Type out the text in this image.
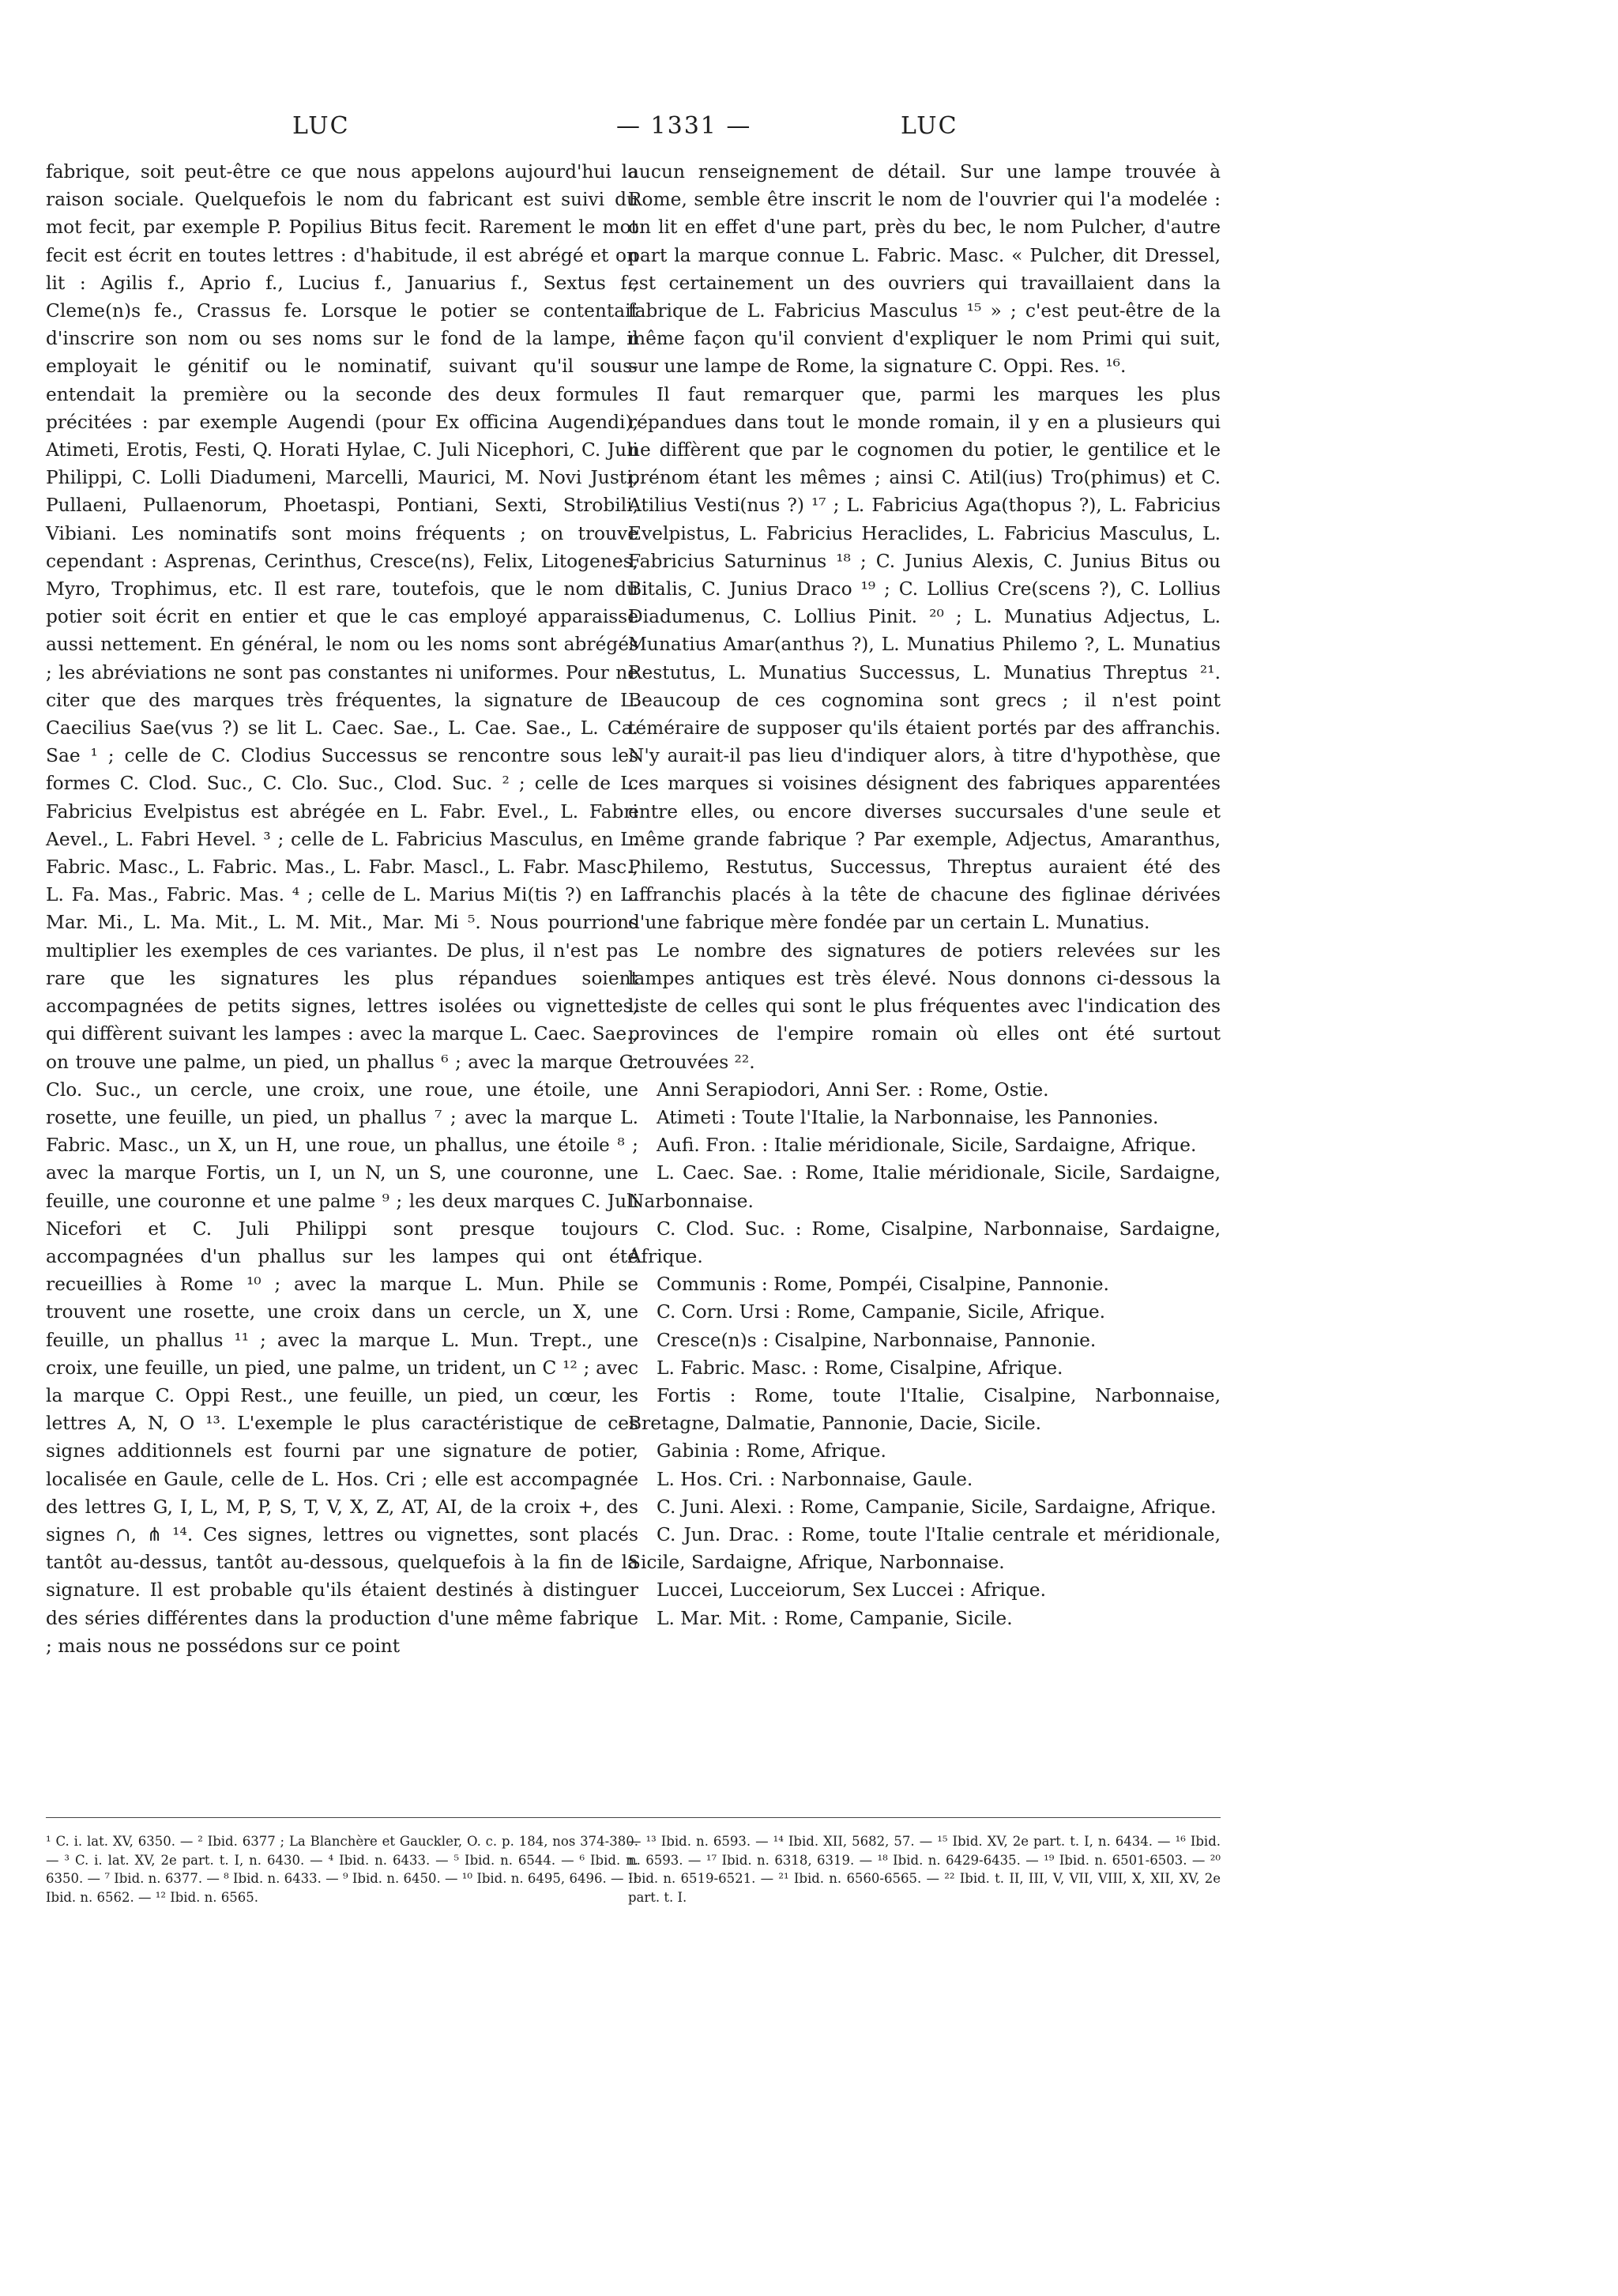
LUC	— 1331 —	LUC

fabrique, soit peut-être ce que nous appelons aujourd'hui la raison sociale. Quelquefois le nom du fabricant est suivi du mot fecit, par exemple P. Popilius Bitus fecit. Rarement le mot fecit est écrit en toutes lettres : d'habitude, il est abrégé et on lit : Agilis f., Aprio f., Lucius f., Januarius f., Sextus f., Cleme(n)s fe., Crassus fe. Lorsque le potier se contentait d'inscrire son nom ou ses noms sur le fond de la lampe, il employait le génitif ou le nominatif, suivant qu'il sous-entendait la première ou la seconde des deux formules précitées : par exemple Augendi (pour Ex officina Augendi), Atimeti, Erotis, Festi, Q. Horati Hylae, C. Juli Nicephori, C. Juli Philippi, C. Lolli Diadumeni, Marcelli, Maurici, M. Novi Justi, Pullaeni, Pullaenorum, Phoetaspi, Pontiani, Sexti, Strobili, Vibiani. Les nominatifs sont moins fréquents ; on trouve cependant : Asprenas, Cerinthus, Cresce(ns), Felix, Litogenes, Myro, Trophimus, etc. Il est rare, toutefois, que le nom du potier soit écrit en entier et que le cas employé apparaisse aussi nettement. En général, le nom ou les noms sont abrégés ; les abréviations ne sont pas constantes ni uniformes. Pour ne citer que des marques très fréquentes, la signature de L. Caecilius Sae(vus ?) se lit L. Caec. Sae., L. Cae. Sae., L. Ca. Sae ¹ ; celle de C. Clodius Successus se rencontre sous les formes C. Clod. Suc., C. Clo. Suc., Clod. Suc. ² ; celle de L. Fabricius Evelpistus est abrégée en L. Fabr. Evel., L. Fabri Aevel., L. Fabri Hevel. ³ ; celle de L. Fabricius Masculus, en L. Fabric. Masc., L. Fabric. Mas., L. Fabr. Mascl., L. Fabr. Masc., L. Fa. Mas., Fabric. Mas. ⁴ ; celle de L. Marius Mi(tis ?) en L. Mar. Mi., L. Ma. Mit., L. M. Mit., Mar. Mi ⁵. Nous pourrions multiplier les exemples de ces variantes. De plus, il n'est pas rare que les signatures les plus répandues soient accompagnées de petits signes, lettres isolées ou vignettes, qui diffèrent suivant les lampes : avec la marque L. Caec. Sae., on trouve une palme, un pied, un phallus ⁶ ; avec la marque C. Clo. Suc., un cercle, une croix, une roue, une étoile, une rosette, une feuille, un pied, un phallus ⁷ ; avec la marque L. Fabric. Masc., un X, un H, une roue, un phallus, une étoile ⁸ ; avec la marque Fortis, un I, un N, un S, une couronne, une feuille, une couronne et une palme ⁹ ; les deux marques C. Juli Nicefori et C. Juli Philippi sont presque toujours accompagnées d'un phallus sur les lampes qui ont été recueillies à Rome ¹⁰ ; avec la marque L. Mun. Phile se trouvent une rosette, une croix dans un cercle, un X, une feuille, un phallus ¹¹ ; avec la marque L. Mun. Trept., une croix, une feuille, un pied, une palme, un trident, un C ¹² ; avec la marque C. Oppi Rest., une feuille, un pied, un cœur, les lettres A, N, O ¹³. L'exemple le plus caractéristique de ces signes additionnels est fourni par une signature de potier, localisée en Gaule, celle de L. Hos. Cri ; elle est accompagnée des lettres G, I, L, M, P, S, T, V, X, Z, AT, AI, de la croix +, des signes ∩, ⋔ ¹⁴. Ces signes, lettres ou vignettes, sont placés tantôt au-dessus, tantôt au-dessous, quelquefois à la fin de la signature. Il est probable qu'ils étaient destinés à distinguer des séries différentes dans la production d'une même fabrique ; mais nous ne possédons sur ce point

aucun renseignement de détail. Sur une lampe trouvée à Rome, semble être inscrit le nom de l'ouvrier qui l'a modelée : on lit en effet d'une part, près du bec, le nom Pulcher, d'autre part la marque connue L. Fabric. Masc. « Pulcher, dit Dressel, est certainement un des ouvriers qui travaillaient dans la fabrique de L. Fabricius Masculus ¹⁵ » ; c'est peut-être de la même façon qu'il convient d'expliquer le nom Primi qui suit, sur une lampe de Rome, la signature C. Oppi. Res. ¹⁶.

Il faut remarquer que, parmi les marques les plus répandues dans tout le monde romain, il y en a plusieurs qui ne diffèrent que par le cognomen du potier, le gentilice et le prénom étant les mêmes ; ainsi C. Atil(ius) Tro(phimus) et C. Atilius Vesti(nus ?) ¹⁷ ; L. Fabricius Aga(thopus ?), L. Fabricius Evelpistus, L. Fabricius Heraclides, L. Fabricius Masculus, L. Fabricius Saturninus ¹⁸ ; C. Junius Alexis, C. Junius Bitus ou Bitalis, C. Junius Draco ¹⁹ ; C. Lollius Cre(scens ?), C. Lollius Diadumenus, C. Lollius Pinit. ²⁰ ; L. Munatius Adjectus, L. Munatius Amar(anthus ?), L. Munatius Philemo ?, L. Munatius Restutus, L. Munatius Successus, L. Munatius Threptus ²¹. Beaucoup de ces cognomina sont grecs ; il n'est point téméraire de supposer qu'ils étaient portés par des affranchis. N'y aurait-il pas lieu d'indiquer alors, à titre d'hypothèse, que ces marques si voisines désignent des fabriques apparentées entre elles, ou encore diverses succursales d'une seule et même grande fabrique ? Par exemple, Adjectus, Amaranthus, Philemo, Restutus, Successus, Threptus auraient été des affranchis placés à la tête de chacune des figlinae dérivées d'une fabrique mère fondée par un certain L. Munatius.

Le nombre des signatures de potiers relevées sur les lampes antiques est très élevé. Nous donnons ci-dessous la liste de celles qui sont le plus fréquentes avec l'indication des provinces de l'empire romain où elles ont été surtout retrouvées ²².

Anni Serapiodori, Anni Ser. : Rome, Ostie.

Atimeti : Toute l'Italie, la Narbonnaise, les Pannonies.

Aufi. Fron. : Italie méridionale, Sicile, Sardaigne, Afrique.

L. Caec. Sae. : Rome, Italie méridionale, Sicile, Sardaigne, Narbonnaise.

C. Clod. Suc. : Rome, Cisalpine, Narbonnaise, Sardaigne, Afrique.

Communis : Rome, Pompéi, Cisalpine, Pannonie.

C. Corn. Ursi : Rome, Campanie, Sicile, Afrique.

Cresce(n)s : Cisalpine, Narbonnaise, Pannonie.

L. Fabric. Masc. : Rome, Cisalpine, Afrique.

Fortis : Rome, toute l'Italie, Cisalpine, Narbonnaise, Bretagne, Dalmatie, Pannonie, Dacie, Sicile.

Gabinia : Rome, Afrique.

L. Hos. Cri. : Narbonnaise, Gaule.

C. Juni. Alexi. : Rome, Campanie, Sicile, Sardaigne, Afrique.

C. Jun. Drac. : Rome, toute l'Italie centrale et méridionale, Sicile, Sardaigne, Afrique, Narbonnaise.

Luccei, Lucceiorum, Sex Luccei : Afrique.

L. Mar. Mit. : Rome, Campanie, Sicile.

¹ C. i. lat. XV, 6350. — ² Ibid. 6377 ; La Blanchère et Gauckler, O. c. p. 184, nos 374-380. — ³ C. i. lat. XV, 2e part. t. I, n. 6430. — ⁴ Ibid. n. 6433. — ⁵ Ibid. n. 6544. — ⁶ Ibid. n. 6350. — ⁷ Ibid. n. 6377. — ⁸ Ibid. n. 6433. — ⁹ Ibid. n. 6450. — ¹⁰ Ibid. n. 6495, 6496. — ¹¹ Ibid. n. 6562. — ¹² Ibid. n. 6565.
— ¹³ Ibid. n. 6593. — ¹⁴ Ibid. XII, 5682, 57. — ¹⁵ Ibid. XV, 2e part. t. I, n. 6434. — ¹⁶ Ibid. n. 6593. — ¹⁷ Ibid. n. 6318, 6319. — ¹⁸ Ibid. n. 6429-6435. — ¹⁹ Ibid. n. 6501-6503. — ²⁰ Ibid. n. 6519-6521. — ²¹ Ibid. n. 6560-6565. — ²² Ibid. t. II, III, V, VII, VIII, X, XII, XV, 2e part. t. I.
